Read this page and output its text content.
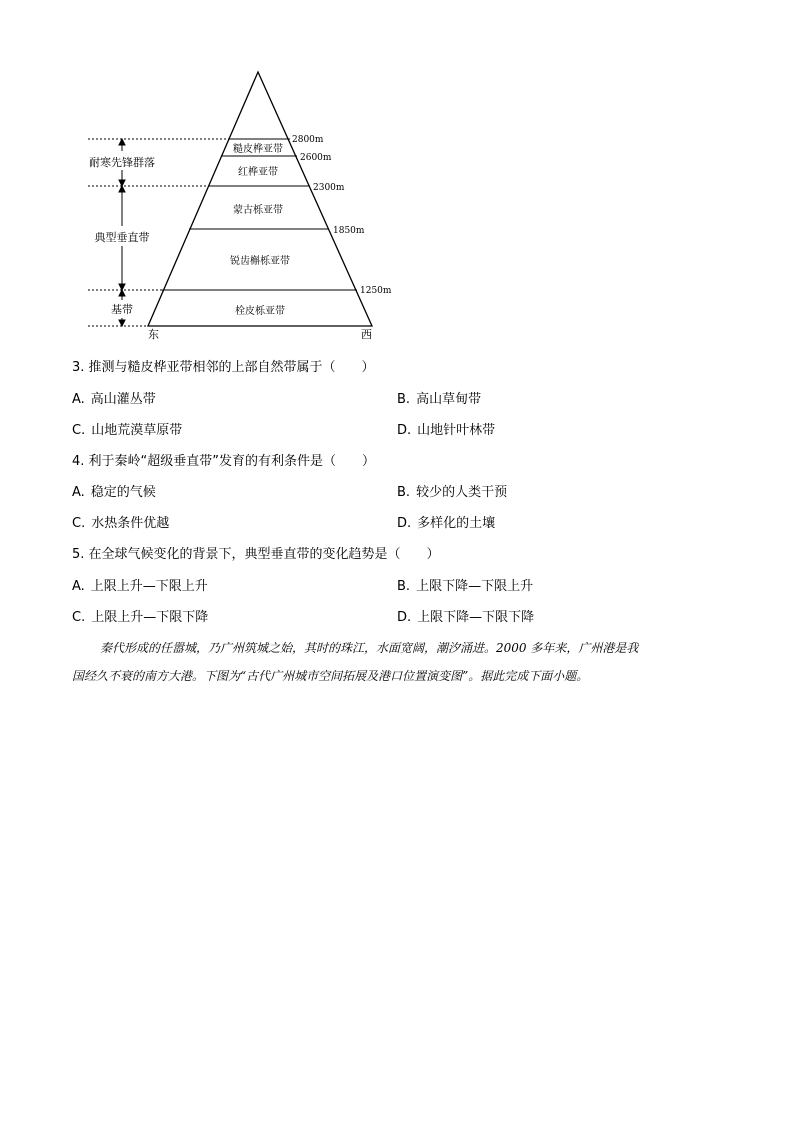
耐寒先锋群落
典型垂直带
基带
糙皮桦亚带
红桦亚带
蒙古栎亚带
锐齿槲栎亚带
栓皮栎亚带
2800m
2600m
2300m
1850m
1250m
东	西

3. 推测与糙皮桦亚带相邻的上部自然带属于（　　）

A. 高山灌丛带	B. 高山草甸带

C. 山地荒漠草原带	D. 山地针叶林带

4. 利于秦岭“超级垂直带”发育的有利条件是（　　）

A. 稳定的气候	B. 较少的人类干预

C. 水热条件优越	D. 多样化的土壤

5. 在全球气候变化的背景下，典型垂直带的变化趋势是（　　）

A. 上限上升—下限上升	B. 上限下降—下限上升

C. 上限上升—下限下降	D. 上限下降—下限下降

秦代形成的任嚣城，乃广州筑城之始，其时的珠江，水面宽阔，潮汐涌进。2000 多年来，广州港是我
国经久不衰的南方大港。下图为“古代广州城市空间拓展及港口位置演变图”。据此完成下面小题。
